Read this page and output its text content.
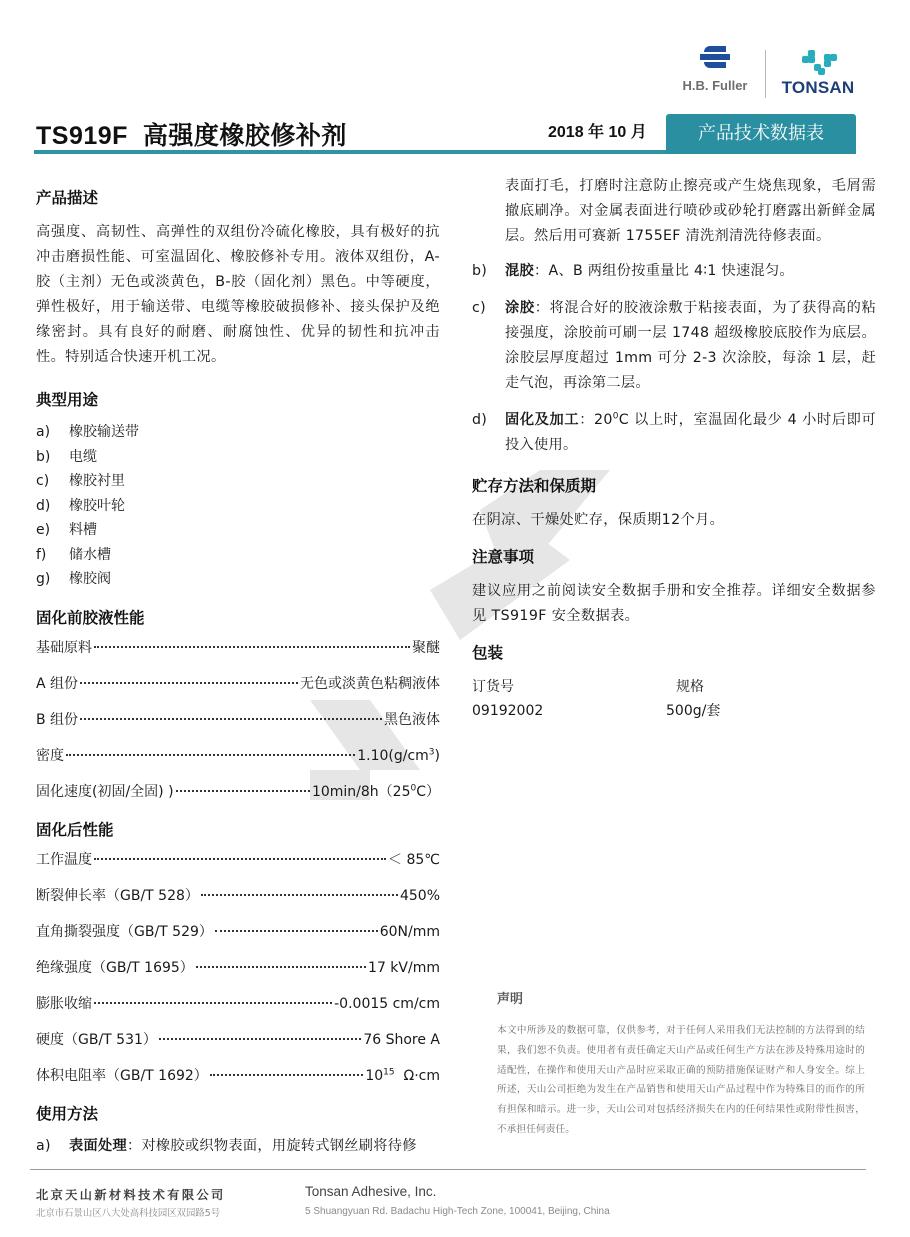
H.B. Fuller	TONSAN
TS919F  高强度橡胶修补剂	2018 年 10 月	产品技术数据表
产品描述

高强度、高韧性、高弹性的双组份冷硫化橡胶，具有极好的抗冲击磨损性能、可室温固化、橡胶修补专用。液体双组份，A-胶（主剂）无色或淡黄色，B-胶（固化剂）黑色。中等硬度，弹性极好，用于输送带、电缆等橡胶破损修补、接头保护及绝缘密封。具有良好的耐磨、耐腐蚀性、优异的韧性和抗冲击性。特别适合快速开机工况。

典型用途
a)	橡胶输送带
b)	电缆
c)	橡胶衬里
d)	橡胶叶轮
e)	料槽
f)	储水槽
g)	橡胶阀
固化前胶液性能
基础原料	聚醚
A 组份	无色或淡黄色粘稠液体
B 组份	黑色液体
密度	$1.10(g/cm^3)$
固化速度(初固/全固) )	$10\min/8h(25^0C)$
固化后性能
工作温度	＜ 85℃
断裂伸长率（GB/T 528）	450%
直角撕裂强度（GB/T 529）	60N/mm
绝缘强度（GB/T 1695）	17 kV/mm
膨胀收缩	-0.0015 cm/cm
硬度（GB/T 531）	76 Shore A
体积电阻率（GB/T 1692）	$10^{15}$  Ω·cm
使用方法
a)	表面处理：对橡胶或织物表面，用旋转式钢丝刷将待修
表面打毛，打磨时注意防止擦亮或产生烧焦现象，毛屑需撤底刷净。对金属表面进行喷砂或砂轮打磨露出新鲜金属层。然后用可赛新 1755EF 清洗剂清洗待修表面。
b)	混胶：A、B 两组份按重量比 4∶1 快速混匀。
c)	涂胶：将混合好的胶液涂敷于粘接表面，为了获得高的粘接强度，涂胶前可刷一层 1748 超级橡胶底胶作为底层。涂胶层厚度超过 1mm 可分 2-3 次涂胶，每涂 1 层，赶走气泡，再涂第二层。
d)	固化及加工：$20^0C$ 以上时，室温固化最少 4 小时后即可投入使用。
贮存方法和保质期

在阴凉、干燥处贮存，保质期12个月。

注意事项

建议应用之前阅读安全数据手册和安全推荐。详细安全数据参见 TS919F 安全数据表。

包装
订货号	规格
09192002	500g/套
声明

本文中所涉及的数据可靠，仅供参考，对于任何人采用我们无法控制的方法得到的结果，我们恕不负责。使用者有责任确定天山产品或任何生产方法在涉及特殊用途时的适配性，在操作和使用天山产品时应采取正确的预防措施保证财产和人身安全。综上所述，天山公司拒绝为发生在产品销售和使用天山产品过程中作为特殊目的而作的所有担保和暗示。进一步，天山公司对包括经济损失在内的任何结果性或附带性损害，不承担任何责任。

北京天山新材料技术有限公司
北京市石景山区八大处高科技园区双园路5号
Tonsan Adhesive, Inc.
5 Shuangyuan Rd. Badachu High-Tech Zone, 100041, Beijing, China
